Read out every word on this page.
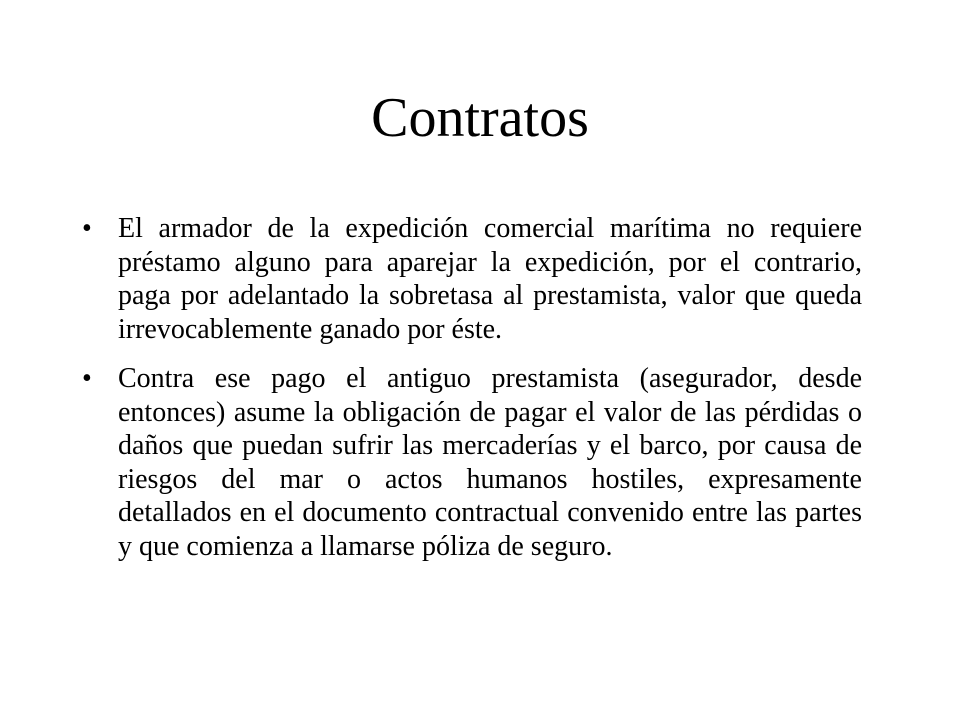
Contratos
• El armador de la expedición comercial marítima no requiere préstamo alguno para aparejar la expedición, por el contrario, paga por adelantado la sobretasa al prestamista, valor que queda irrevocablemente ganado por éste.
• Contra ese pago el antiguo prestamista (asegurador, desde entonces) asume la obligación de pagar el valor de las pérdidas o daños que puedan sufrir las mercaderías y el barco, por causa de riesgos del mar o actos humanos hostiles, expresamente detallados en el documento contractual convenido entre las partes y que comienza a llamarse póliza de seguro.
